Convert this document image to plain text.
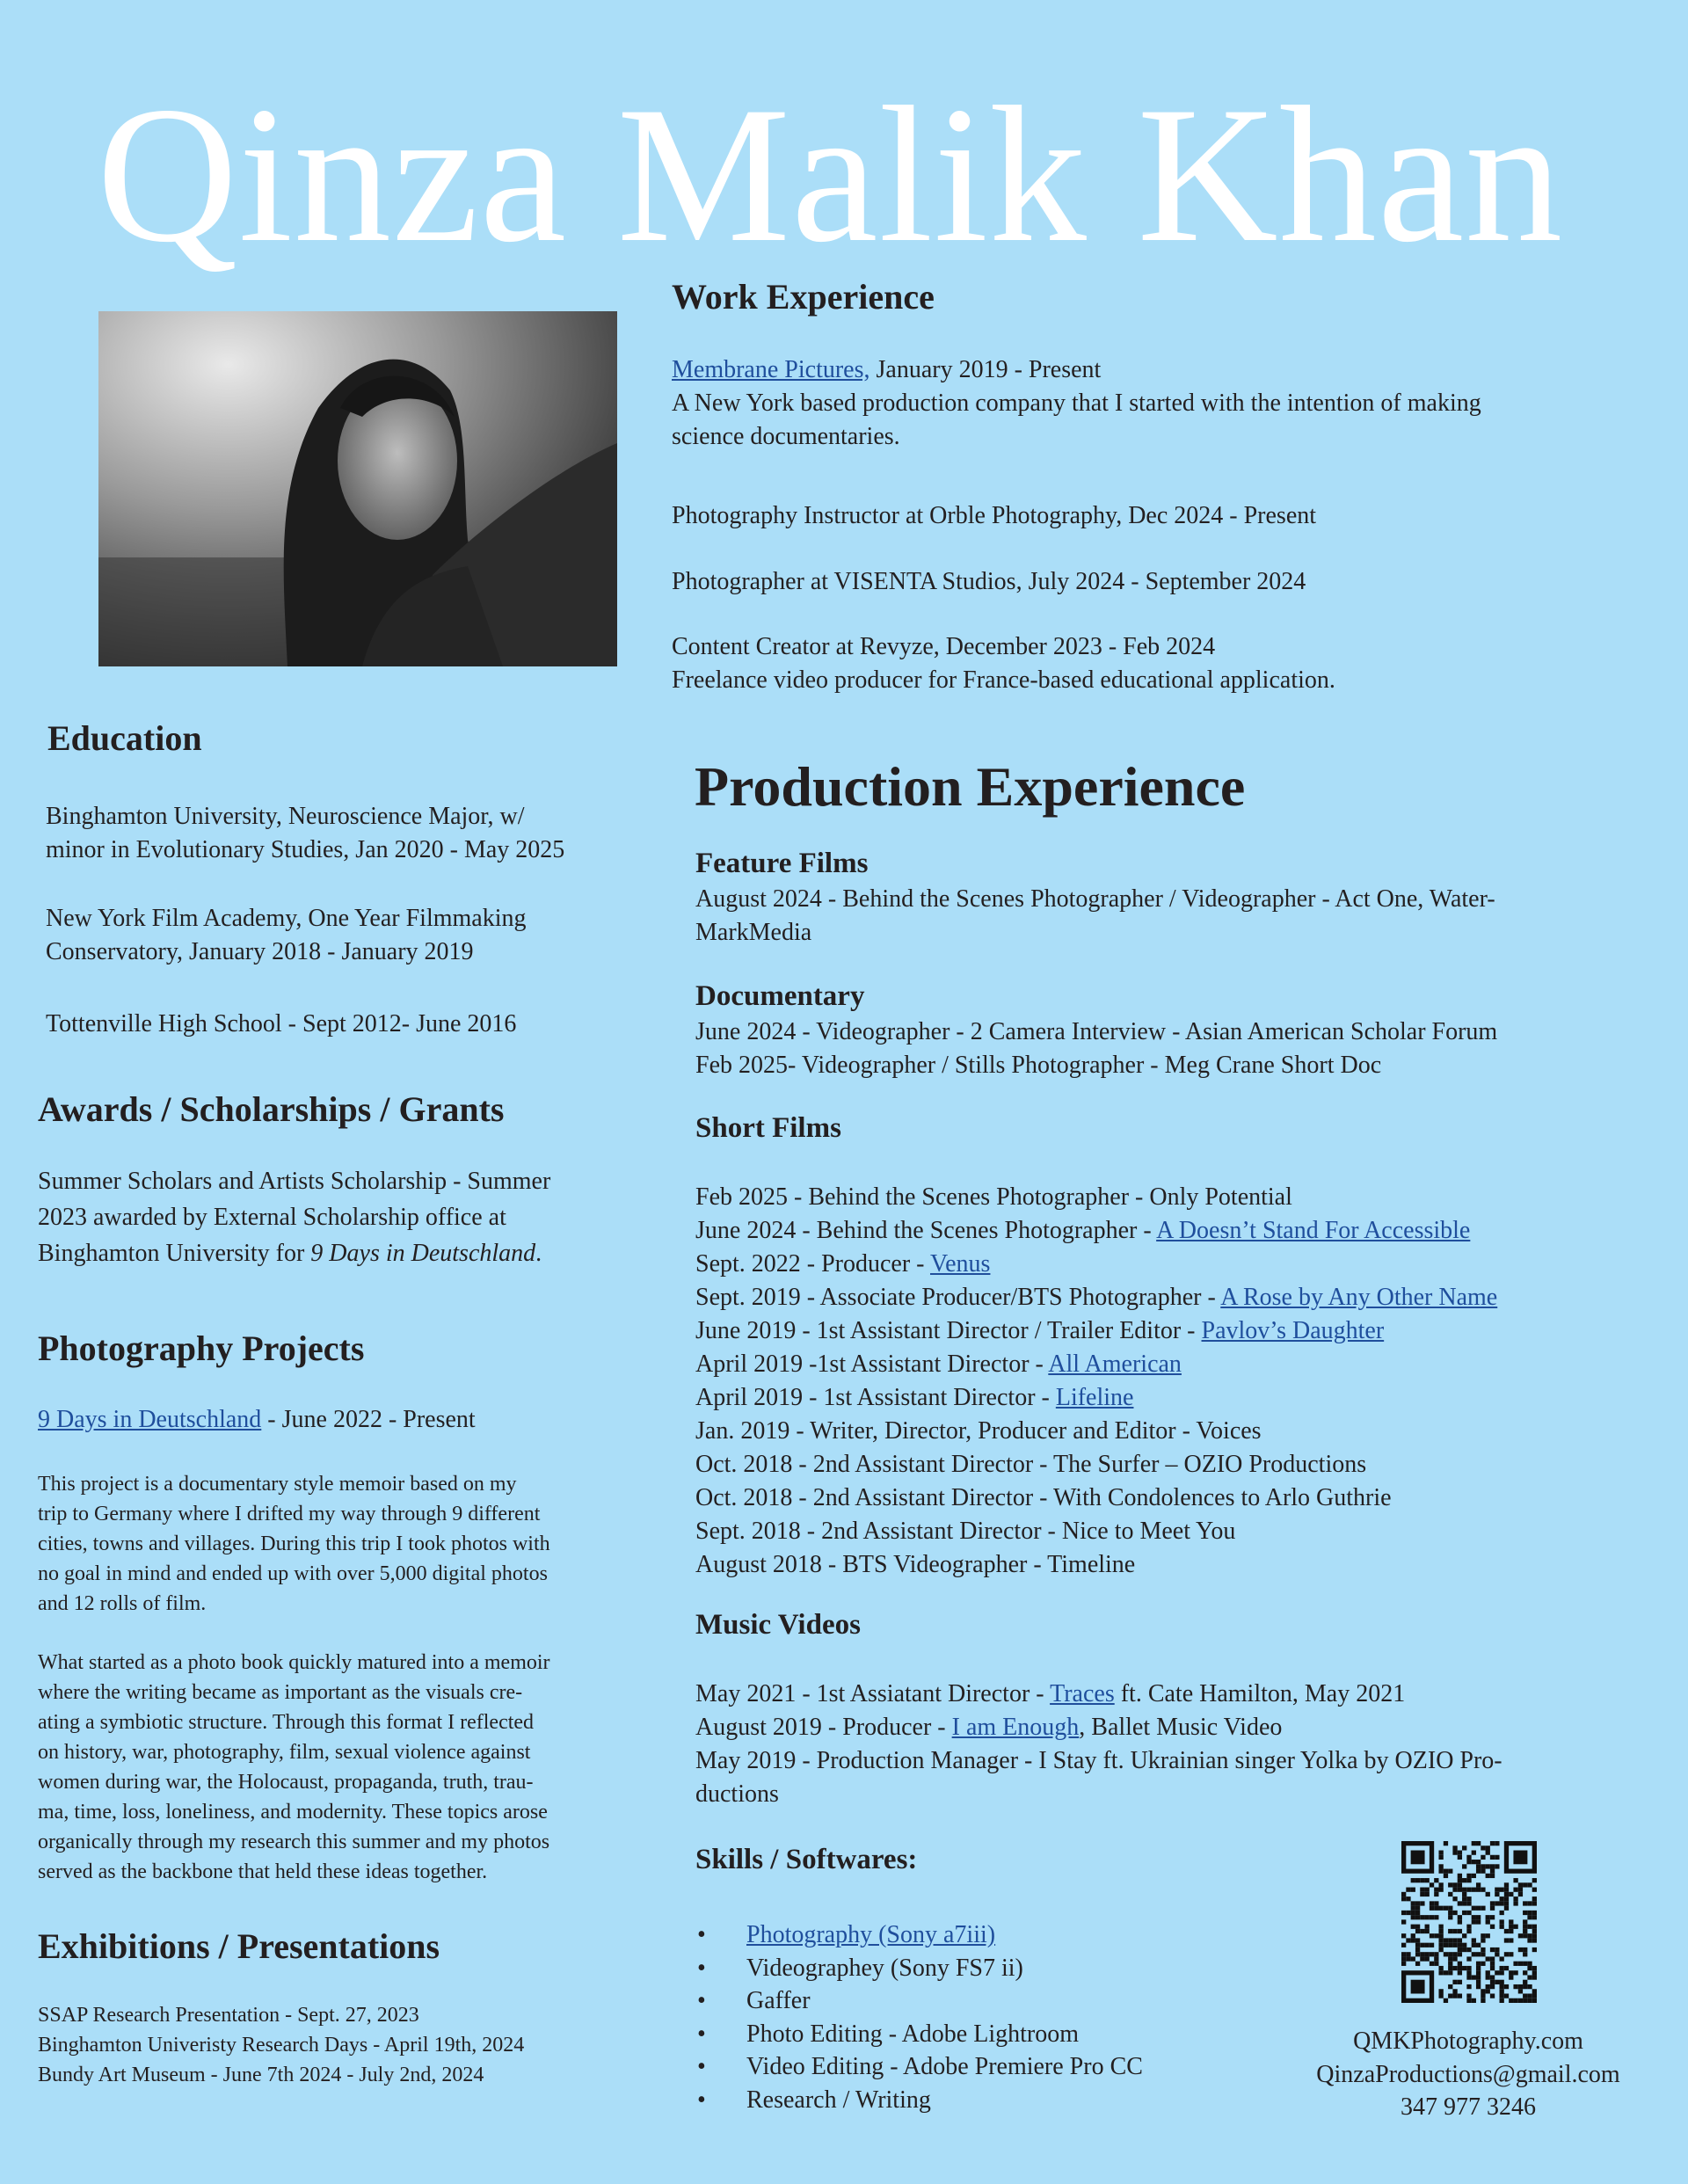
Qinza Malik Khan
Work Experience

Membrane Pictures, January 2019 - Present

A New York based production company that I started with the intention of making

science documentaries.

Photography Instructor at Orble Photography, Dec 2024 - Present

Photographer at VISENTA Studios, July 2024 - September 2024

Content Creator at Revyze, December 2023 - Feb 2024

Freelance video producer for France-based educational application.

Education

Binghamton University, Neuroscience Major, w/

minor in Evolutionary Studies, Jan 2020 - May 2025

New York Film Academy, One Year Filmmaking

Conservatory, January 2018 - January 2019

Tottenville High School - Sept 2012- June 2016

Awards / Scholarships / Grants

Summer Scholars and Artists Scholarship - Summer

2023 awarded by External Scholarship office at

Binghamton University for 9 Days in Deutschland.

Photography Projects

9 Days in Deutschland - June 2022 - Present

This project is a documentary style memoir based on my

trip to Germany where I drifted my way through 9 different

cities, towns and villages. During this trip I took photos with

no goal in mind and ended up with over 5,000 digital photos

and 12 rolls of film.

What started as a photo book quickly matured into a memoir

where the writing became as important as the visuals cre-

ating a symbiotic structure. Through this format I reflected

on history, war, photography, film, sexual violence against

women during war, the Holocaust, propaganda, truth, trau-

ma, time, loss, loneliness, and modernity. These topics arose

organically through my research this summer and my photos

served as the backbone that held these ideas together.

Exhibitions / Presentations

SSAP Research Presentation - Sept. 27, 2023

Binghamton Univeristy Research Days - April 19th, 2024

Bundy Art Museum - June 7th 2024 - July 2nd, 2024

Production Experience
Feature Films

August 2024 - Behind the Scenes Photographer / Videographer - Act One, Water-

MarkMedia

Documentary

June 2024 - Videographer - 2 Camera Interview - Asian American Scholar Forum

Feb 2025- Videographer / Stills Photographer - Meg Crane Short Doc

Short Films

Feb 2025 - Behind the Scenes Photographer - Only Potential

June 2024 - Behind the Scenes Photographer - A Doesn’t Stand For Accessible

Sept. 2022 - Producer - Venus

Sept. 2019 - Associate Producer/BTS Photographer - A Rose by Any Other Name

June 2019 - 1st Assistant Director / Trailer Editor - Pavlov’s Daughter

April 2019 -1st Assistant Director - All American

April 2019 - 1st Assistant Director - Lifeline

Jan. 2019 - Writer, Director, Producer and Editor - Voices

Oct. 2018 - 2nd Assistant Director - The Surfer – OZIO Productions

Oct. 2018 - 2nd Assistant Director - With Condolences to Arlo Guthrie

Sept. 2018 - 2nd Assistant Director - Nice to Meet You

August 2018 - BTS Videographer - Timeline

Music Videos

May 2021 - 1st Assiatant Director - Traces ft. Cate Hamilton, May 2021

August 2019 - Producer - I am Enough, Ballet Music Video

May 2019 - Production Manager - I Stay ft. Ukrainian singer Yolka by OZIO Pro-

ductions

Skills / Softwares:
• Photography (Sony a7iii)
• Videographey (Sony FS7 ii)
• Gaffer
• Photo Editing - Adobe Lightroom
• Video Editing - Adobe Premiere Pro CC
• Research / Writing
QMKPhotography.com
QinzaProductions@gmail.com
347 977 3246
